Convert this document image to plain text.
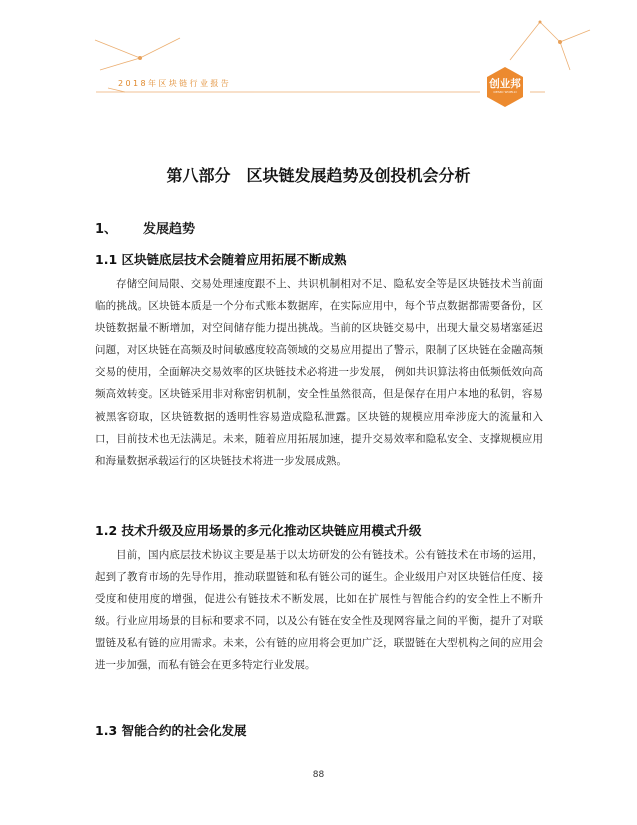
2018年区块链行业报告	创业邦
DEMO WORLD
第八部分　区块链发展趋势及创投机会分析
1、 发展趋势
1.1 区块链底层技术会随着应用拓展不断成熟

存储空间局限、交易处理速度跟不上、共识机制相对不足、隐私安全等是区块链技术当前面临的挑战。区块链本质是一个分布式账本数据库，在实际应用中，每个节点数据都需要备份，区块链数据量不断增加，对空间储存能力提出挑战。当前的区块链交易中，出现大量交易堵塞延迟问题，对区块链在高频及时间敏感度较高领域的交易应用提出了警示，限制了区块链在金融高频交易的使用，全面解决交易效率的区块链技术必将进一步发展， 例如共识算法将由低频低效向高频高效转变。区块链采用非对称密钥机制，安全性虽然很高，但是保存在用户本地的私钥，容易被黑客窃取，区块链数据的透明性容易造成隐私泄露。区块链的规模应用牵涉庞大的流量和入口，目前技术也无法满足。未来，随着应用拓展加速，提升交易效率和隐私安全、支撑规模应用和海量数据承载运行的区块链技术将进一步发展成熟。

1.2 技术升级及应用场景的多元化推动区块链应用模式升级

目前，国内底层技术协议主要是基于以太坊研发的公有链技术。公有链技术在市场的运用，起到了教育市场的先导作用，推动联盟链和私有链公司的诞生。企业级用户对区块链信任度、接受度和使用度的增强，促进公有链技术不断发展，比如在扩展性与智能合约的安全性上不断升级。行业应用场景的目标和要求不同，以及公有链在安全性及现网容量之间的平衡，提升了对联盟链及私有链的应用需求。未来，公有链的应用将会更加广泛，联盟链在大型机构之间的应用会进一步加强，而私有链会在更多特定行业发展。

1.3 智能合约的社会化发展
88
